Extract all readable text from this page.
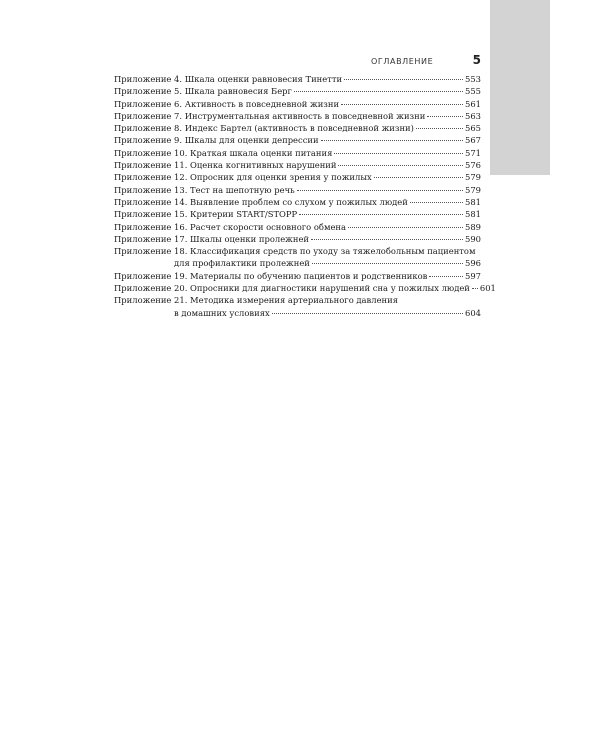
ОГЛАВЛЕНИЕ	5
Приложение 4. Шкала оценки равновесия Тинетти	553
Приложение 5. Шкала равновесия Берг	555
Приложение 6. Активность в повседневной жизни	561
Приложение 7. Инструментальная активность в повседневной жизни	563
Приложение 8. Индекс Бартел (активность в повседневной жизни)	565
Приложение 9. Шкалы для оценки депрессии	567
Приложение 10. Краткая шкала оценки питания	571
Приложение 11. Оценка когнитивных нарушений	576
Приложение 12. Опросник для оценки зрения у пожилых	579
Приложение 13. Тест на шепотную речь	579
Приложение 14. Выявление проблем со слухом у пожилых людей	581
Приложение 15. Критерии START/STOPP	581
Приложение 16. Расчет скорости основного обмена	589
Приложение 17. Шкалы оценки пролежней	590
Приложение 18. Классификация средств по уходу за тяжелобольным пациентом
для профилактики пролежней	596
Приложение 19. Материалы по обучению пациентов и родственников	597
Приложение 20. Опросники для диагностики нарушений сна у пожилых людей 601
Приложение 21. Методика измерения артериального давления
в домашних условиях	604
